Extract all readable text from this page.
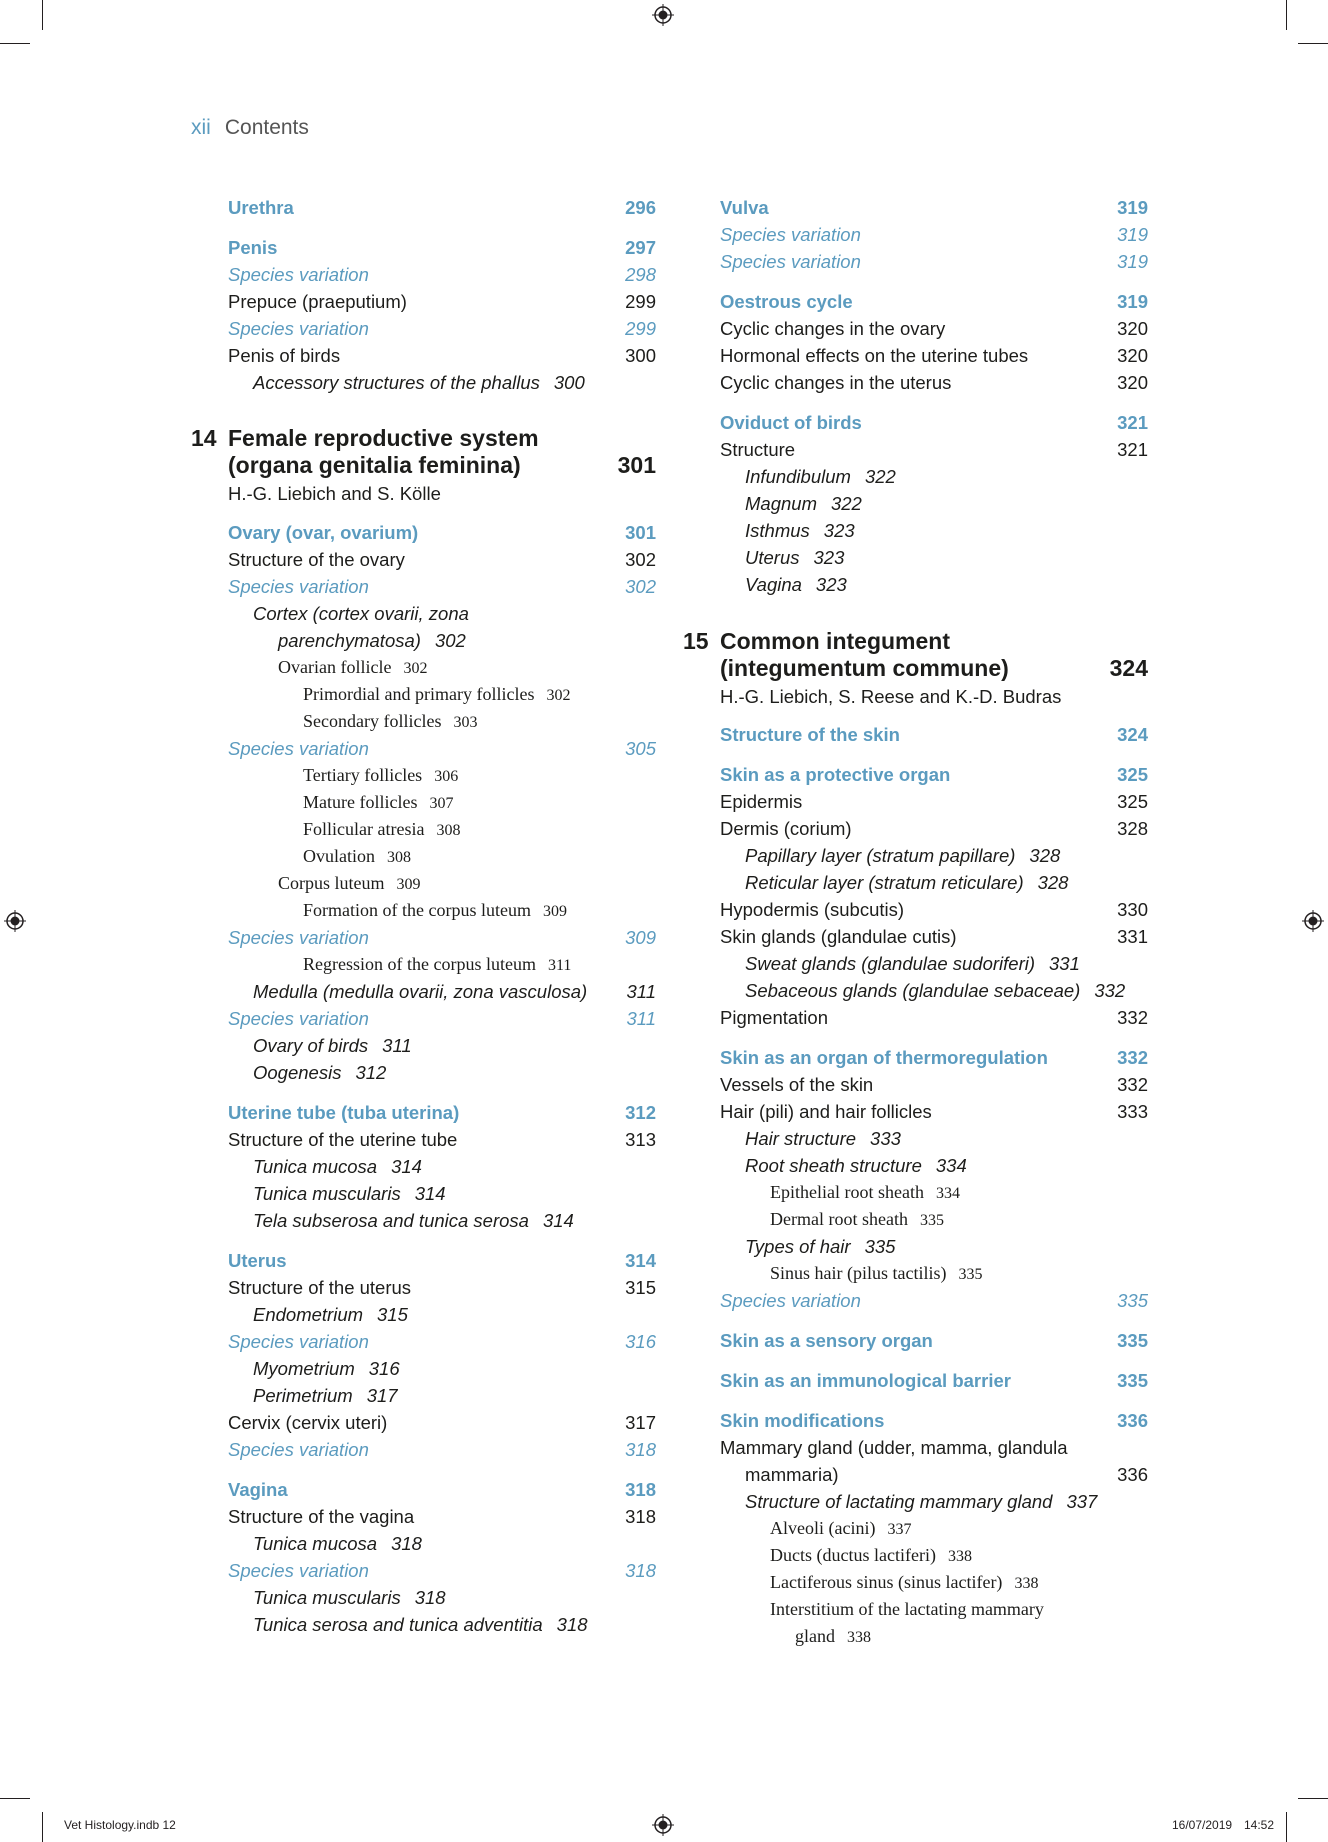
xii Contents
Urethra	296
Penis	297
Species variation	298
Prepuce (praeputium)	299
Species variation	299
Penis of birds	300
Accessory structures of the phallus 300
Ovary (ovar, ovarium)	301
Structure of the ovary	302
Species variation	302
Cortex (cortex ovarii, zona
parenchymatosa) 302
Ovarian follicle 302
Primordial and primary follicles 302
Secondary follicles 303
Species variation	305
Tertiary follicles 306
Mature follicles 307
Follicular atresia 308
Ovulation 308
Corpus luteum 309
Formation of the corpus luteum 309
Species variation	309
Regression of the corpus luteum 311
Medulla (medulla ovarii, zona vasculosa) 311
Species variation	311
Ovary of birds 311
Oogenesis 312
Uterine tube (tuba uterina)	312
Structure of the uterine tube	313
Tunica mucosa 314
Tunica muscularis 314
Tela subserosa and tunica serosa 314
Uterus	314
Structure of the uterus	315
Endometrium 315
Species variation	316
Myometrium 316
Perimetrium 317
Cervix (cervix uteri)	317
Species variation	318
Vagina	318
Structure of the vagina	318
Tunica mucosa 318
Species variation	318
Tunica muscularis 318
Tunica serosa and tunica adventitia 318
14 Female reproductive system
(organa genitalia feminina)	301
H.-G. Liebich and S. Kölle
Vulva	319
Species variation	319
Species variation	319
Oestrous cycle	319
Cyclic changes in the ovary	320
Hormonal effects on the uterine tubes	320
Cyclic changes in the uterus	320
Oviduct of birds	321
Structure	321
Infundibulum 322
Magnum 322
Isthmus 323
Uterus 323
Vagina 323
Structure of the skin	324
Skin as a protective organ	325
Epidermis	325
Dermis (corium)	328
Papillary layer (stratum papillare) 328
Reticular layer (stratum reticulare) 328
Hypodermis (subcutis)	330
Skin glands (glandulae cutis)	331
Sweat glands (glandulae sudoriferi) 331
Sebaceous glands (glandulae sebaceae) 332
Pigmentation	332
Skin as an organ of thermoregulation	332
Vessels of the skin	332
Hair (pili) and hair follicles	333
Hair structure 333
Root sheath structure 334
Epithelial root sheath 334
Dermal root sheath 335
Types of hair 335
Sinus hair (pilus tactilis) 335
Species variation	335
Skin as a sensory organ	335
Skin as an immunological barrier	335
Skin modifications	336
Mammary gland (udder, mamma, glandula
mammaria)	336
Structure of lactating mammary gland 337
Alveoli (acini) 337
Ducts (ductus lactiferi) 338
Lactiferous sinus (sinus lactifer) 338
Interstitium of the lactating mammary
gland 338
15 Common integument
(integumentum commune)	324
H.-G. Liebich, S. Reese and K.-D. Budras
Vet Histology.indb 12	16/07/2019 14:52
